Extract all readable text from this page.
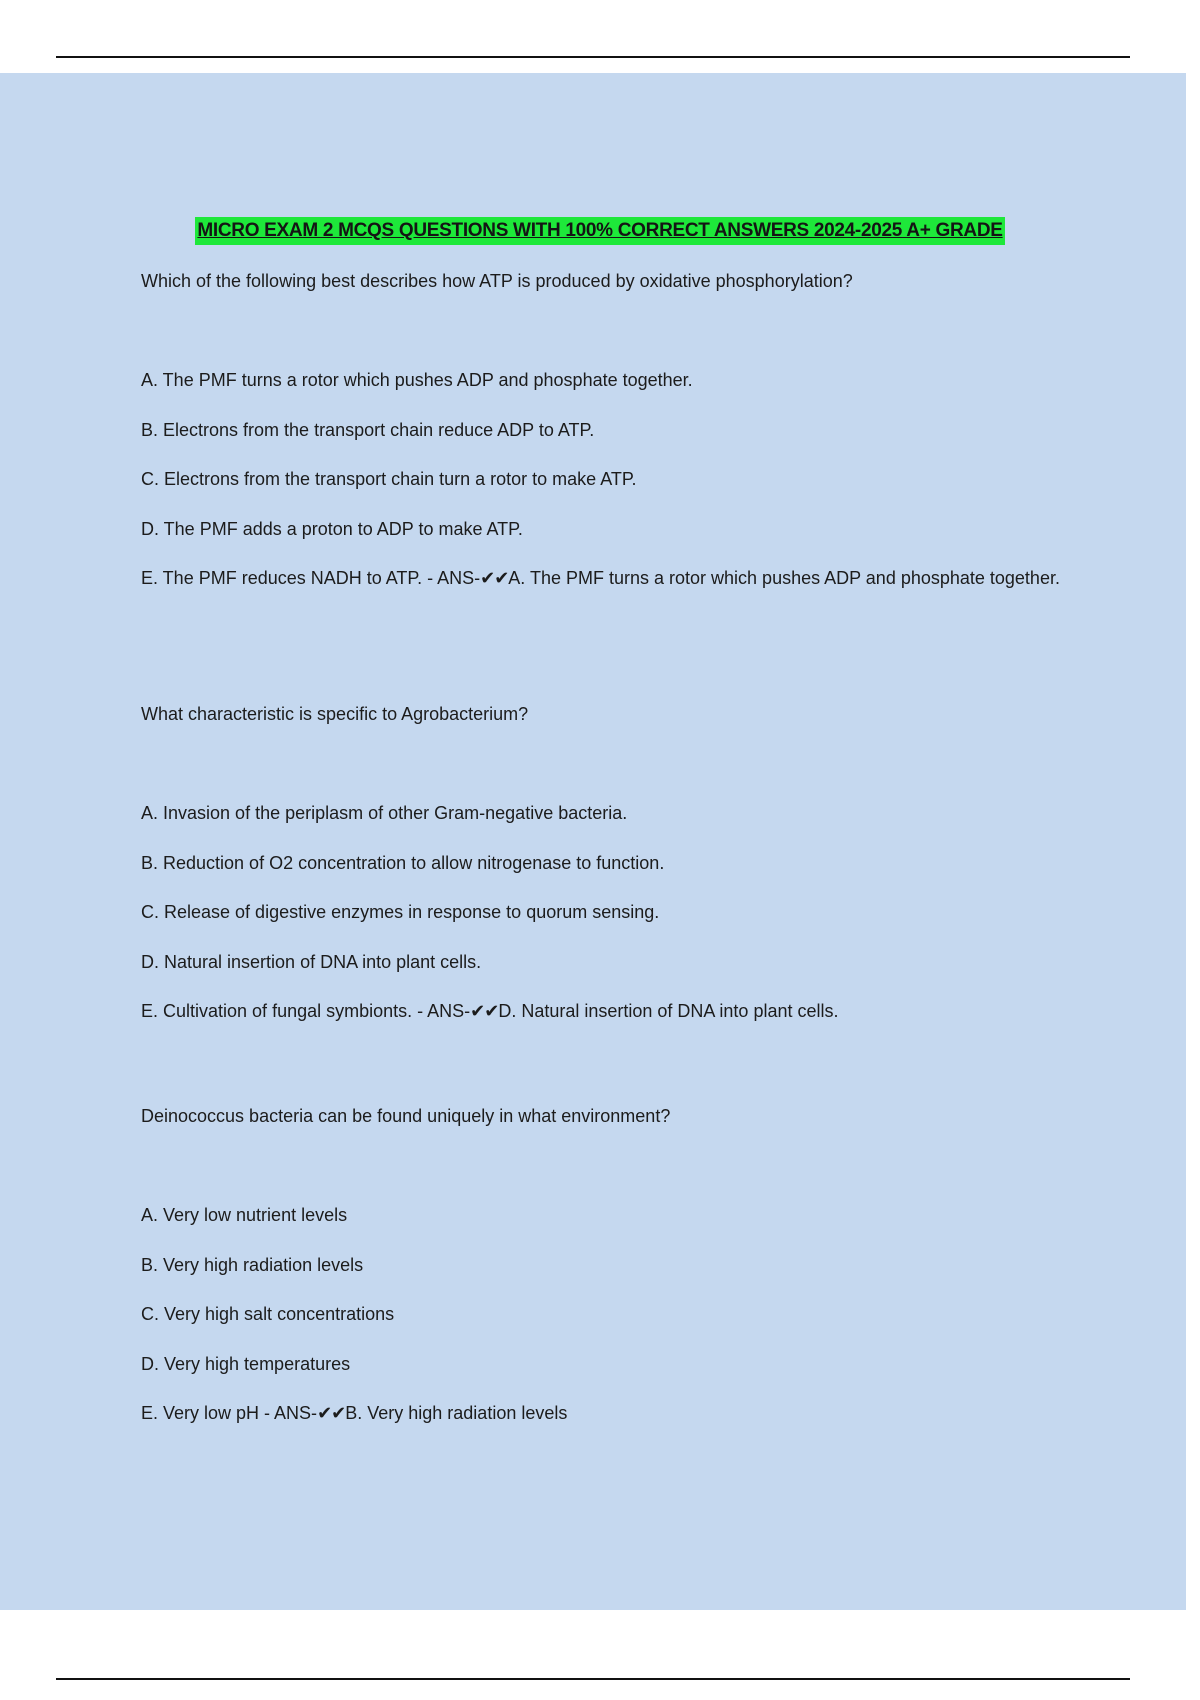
MICRO EXAM 2 MCQS QUESTIONS WITH 100% CORRECT ANSWERS 2024-2025 A+ GRADE

Which of the following best describes how ATP is produced by oxidative phosphorylation?

A. The PMF turns a rotor which pushes ADP and phosphate together.

B. Electrons from the transport chain reduce ADP to ATP.

C. Electrons from the transport chain turn a rotor to make ATP.

D. The PMF adds a proton to ADP to make ATP.

E. The PMF reduces NADH to ATP. - ANS-✔✔A. The PMF turns a rotor which pushes ADP and phosphate together.

What characteristic is specific to Agrobacterium?

A. Invasion of the periplasm of other Gram-negative bacteria.

B. Reduction of O2 concentration to allow nitrogenase to function.

C. Release of digestive enzymes in response to quorum sensing.

D. Natural insertion of DNA into plant cells.

E. Cultivation of fungal symbionts. - ANS-✔✔D. Natural insertion of DNA into plant cells.

Deinococcus bacteria can be found uniquely in what environment?

A. Very low nutrient levels

B. Very high radiation levels

C. Very high salt concentrations

D. Very high temperatures

E. Very low pH - ANS-✔✔B. Very high radiation levels
